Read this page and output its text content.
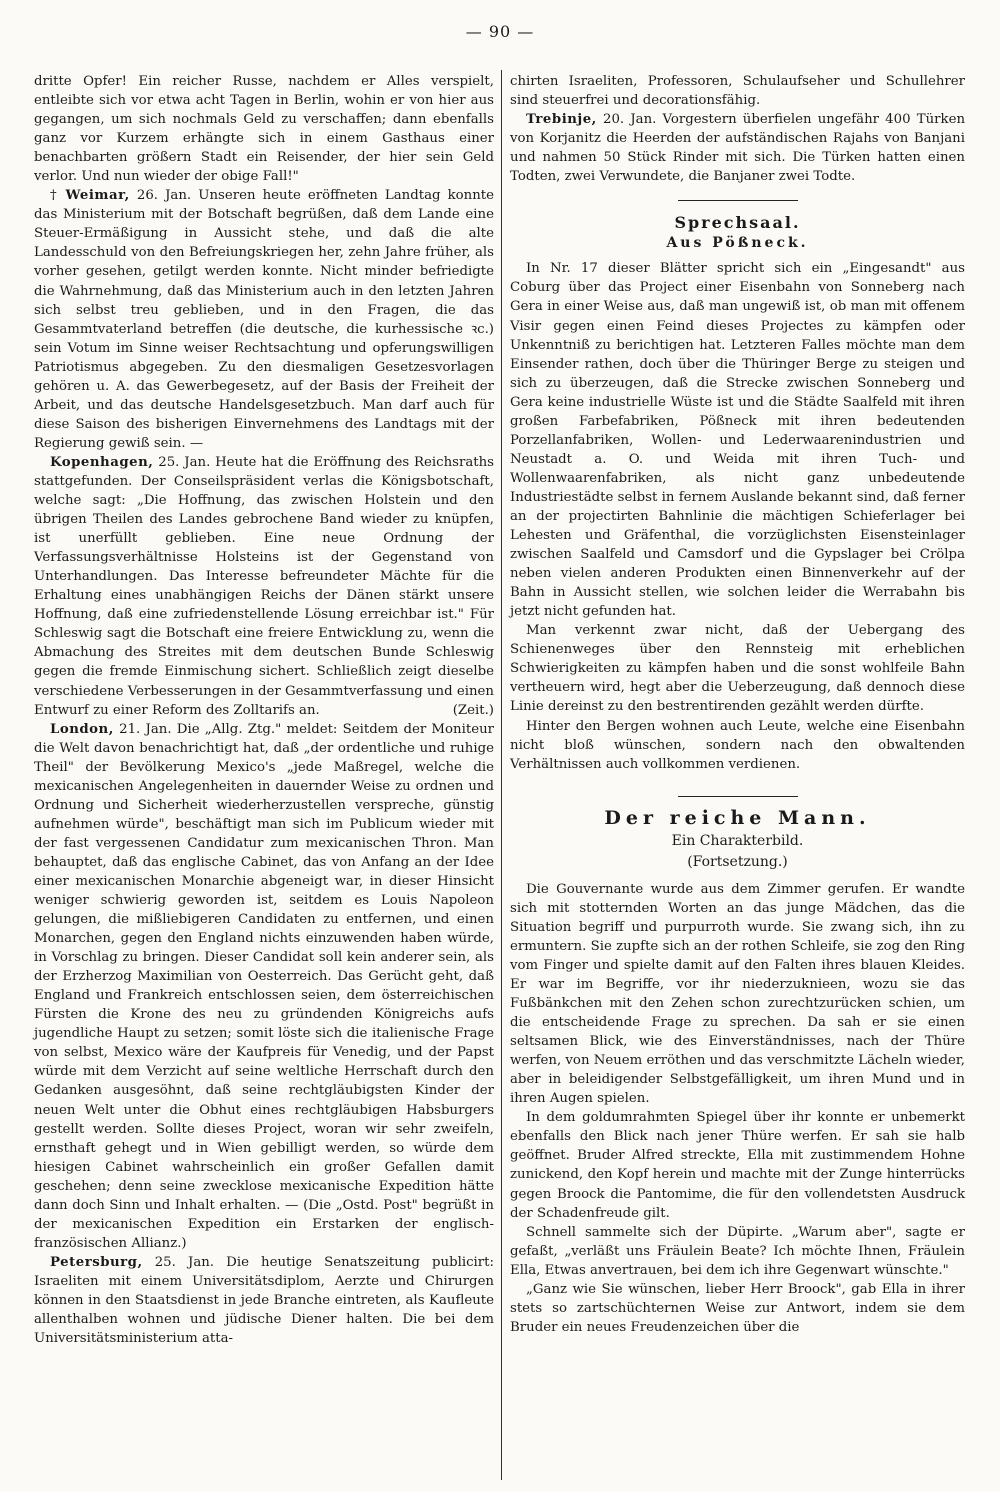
— 90 —

dritte Opfer! Ein reicher Russe, nachdem er Alles verspielt, entleibte sich vor etwa acht Tagen in Berlin, wohin er von hier aus gegangen, um sich nochmals Geld zu verschaffen; dann ebenfalls ganz vor Kurzem erhängte sich in einem Gasthaus einer benachbarten größern Stadt ein Reisender, der hier sein Geld verlor. Und nun wieder der obige Fall!"

† Weimar, 26. Jan. Unseren heute eröffneten Landtag konnte das Ministerium mit der Botschaft begrüßen, daß dem Lande eine Steuer-Ermäßigung in Aussicht stehe, und daß die alte Landesschuld von den Befreiungskriegen her, zehn Jahre früher, als vorher gesehen, getilgt werden konnte. Nicht minder befriedigte die Wahrnehmung, daß das Ministerium auch in den letzten Jahren sich selbst treu geblieben, und in den Fragen, die das Gesammtvaterland betreffen (die deutsche, die kurhessische ꝛc.) sein Votum im Sinne weiser Rechtsachtung und opferungswilligen Patriotismus abgegeben. Zu den diesmaligen Gesetzesvorlagen gehören u. A. das Gewerbegesetz, auf der Basis der Freiheit der Arbeit, und das deutsche Handelsgesetzbuch. Man darf auch für diese Saison des bisherigen Einvernehmens des Landtags mit der Regierung gewiß sein. —

Kopenhagen, 25. Jan. Heute hat die Eröffnung des Reichsraths stattgefunden. Der Conseilspräsident verlas die Königsbotschaft, welche sagt: „Die Hoffnung, das zwischen Holstein und den übrigen Theilen des Landes gebrochene Band wieder zu knüpfen, ist unerfüllt geblieben. Eine neue Ordnung der Verfassungsverhältnisse Holsteins ist der Gegenstand von Unterhandlungen. Das Interesse befreundeter Mächte für die Erhaltung eines unabhängigen Reichs der Dänen stärkt unsere Hoffnung, daß eine zufriedenstellende Lösung erreichbar ist." Für Schleswig sagt die Botschaft eine freiere Entwicklung zu, wenn die Abmachung des Streites mit dem deutschen Bunde Schleswig gegen die fremde Einmischung sichert. Schließlich zeigt dieselbe verschiedene Verbesserungen in der Gesammtverfassung und einen Entwurf zu einer Reform des Zolltarifs an.	(Zeit.)

London, 21. Jan. Die „Allg. Ztg." meldet: Seitdem der Moniteur die Welt davon benachrichtigt hat, daß „der ordentliche und ruhige Theil" der Bevölkerung Mexico's „jede Maßregel, welche die mexicanischen Angelegenheiten in dauernder Weise zu ordnen und Ordnung und Sicherheit wiederherzustellen verspreche, günstig aufnehmen würde", beschäftigt man sich im Publicum wieder mit der fast vergessenen Candidatur zum mexicanischen Thron. Man behauptet, daß das englische Cabinet, das von Anfang an der Idee einer mexicanischen Monarchie abgeneigt war, in dieser Hinsicht weniger schwierig geworden ist, seitdem es Louis Napoleon gelungen, die mißliebigeren Candidaten zu entfernen, und einen Monarchen, gegen den England nichts einzuwenden haben würde, in Vorschlag zu bringen. Dieser Candidat soll kein anderer sein, als der Erzherzog Maximilian von Oesterreich. Das Gerücht geht, daß England und Frankreich entschlossen seien, dem österreichischen Fürsten die Krone des neu zu gründenden Königreichs aufs jugendliche Haupt zu setzen; somit löste sich die italienische Frage von selbst, Mexico wäre der Kaufpreis für Venedig, und der Papst würde mit dem Verzicht auf seine weltliche Herrschaft durch den Gedanken ausgesöhnt, daß seine rechtgläubigsten Kinder der neuen Welt unter die Obhut eines rechtgläubigen Habsburgers gestellt werden. Sollte dieses Project, woran wir sehr zweifeln, ernsthaft gehegt und in Wien gebilligt werden, so würde dem hiesigen Cabinet wahrscheinlich ein großer Gefallen damit geschehen; denn seine zwecklose mexicanische Expedition hätte dann doch Sinn und Inhalt erhalten. — (Die „Ostd. Post" begrüßt in der mexicanischen Expedition ein Erstarken der englisch-französischen Allianz.)

Petersburg, 25. Jan. Die heutige Senatszeitung publicirt: Israeliten mit einem Universitätsdiplom, Aerzte und Chirurgen können in den Staatsdienst in jede Branche eintreten, als Kaufleute allenthalben wohnen und jüdische Diener halten. Die bei dem Universitätsministerium atta-

chirten Israeliten, Professoren, Schulaufseher und Schullehrer sind steuerfrei und decorationsfähig.

Trebinje, 20. Jan. Vorgestern überfielen ungefähr 400 Türken von Korjanitz die Heerden der aufständischen Rajahs von Banjani und nahmen 50 Stück Rinder mit sich. Die Türken hatten einen Todten, zwei Verwundete, die Banjaner zwei Todte.

Sprechsaal.
Aus Pößneck.

In Nr. 17 dieser Blätter spricht sich ein „Eingesandt" aus Coburg über das Project einer Eisenbahn von Sonneberg nach Gera in einer Weise aus, daß man ungewiß ist, ob man mit offenem Visir gegen einen Feind dieses Projectes zu kämpfen oder Unkenntniß zu berichtigen hat. Letzteren Falles möchte man dem Einsender rathen, doch über die Thüringer Berge zu steigen und sich zu überzeugen, daß die Strecke zwischen Sonneberg und Gera keine industrielle Wüste ist und die Städte Saalfeld mit ihren großen Farbefabriken, Pößneck mit ihren bedeutenden Porzellanfabriken, Wollen- und Lederwaarenindustrien und Neustadt a. O. und Weida mit ihren Tuch- und Wollenwaarenfabriken, als nicht ganz unbedeutende Industriestädte selbst in fernem Auslande bekannt sind, daß ferner an der projectirten Bahnlinie die mächtigen Schieferlager bei Lehesten und Gräfenthal, die vorzüglichsten Eisensteinlager zwischen Saalfeld und Camsdorf und die Gypslager bei Crölpa neben vielen anderen Produkten einen Binnenverkehr auf der Bahn in Aussicht stellen, wie solchen leider die Werrabahn bis jetzt nicht gefunden hat.

Man verkennt zwar nicht, daß der Uebergang des Schienenweges über den Rennsteig mit erheblichen Schwierigkeiten zu kämpfen haben und die sonst wohlfeile Bahn vertheuern wird, hegt aber die Ueberzeugung, daß dennoch diese Linie dereinst zu den bestrentirenden gezählt werden dürfte.

Hinter den Bergen wohnen auch Leute, welche eine Eisenbahn nicht bloß wünschen, sondern nach den obwaltenden Verhältnissen auch vollkommen verdienen.

Der reiche Mann.
Ein Charakterbild.
(Fortsetzung.)

Die Gouvernante wurde aus dem Zimmer gerufen. Er wandte sich mit stotternden Worten an das junge Mädchen, das die Situation begriff und purpurroth wurde. Sie zwang sich, ihn zu ermuntern. Sie zupfte sich an der rothen Schleife, sie zog den Ring vom Finger und spielte damit auf den Falten ihres blauen Kleides. Er war im Begriffe, vor ihr niederzuknieen, wozu sie das Fußbänkchen mit den Zehen schon zurechtzurücken schien, um die entscheidende Frage zu sprechen. Da sah er sie einen seltsamen Blick, wie des Einverständnisses, nach der Thüre werfen, von Neuem erröthen und das verschmitzte Lächeln wieder, aber in beleidigender Selbstgefälligkeit, um ihren Mund und in ihren Augen spielen.

In dem goldumrahmten Spiegel über ihr konnte er unbemerkt ebenfalls den Blick nach jener Thüre werfen. Er sah sie halb geöffnet. Bruder Alfred streckte, Ella mit zustimmendem Hohne zunickend, den Kopf herein und machte mit der Zunge hinterrücks gegen Broock die Pantomime, die für den vollendetsten Ausdruck der Schadenfreude gilt.

Schnell sammelte sich der Düpirte. „Warum aber", sagte er gefaßt, „verläßt uns Fräulein Beate? Ich möchte Ihnen, Fräulein Ella, Etwas anvertrauen, bei dem ich ihre Gegenwart wünschte."

„Ganz wie Sie wünschen, lieber Herr Broock", gab Ella in ihrer stets so zartschüchternen Weise zur Antwort, indem sie dem Bruder ein neues Freudenzeichen über die
